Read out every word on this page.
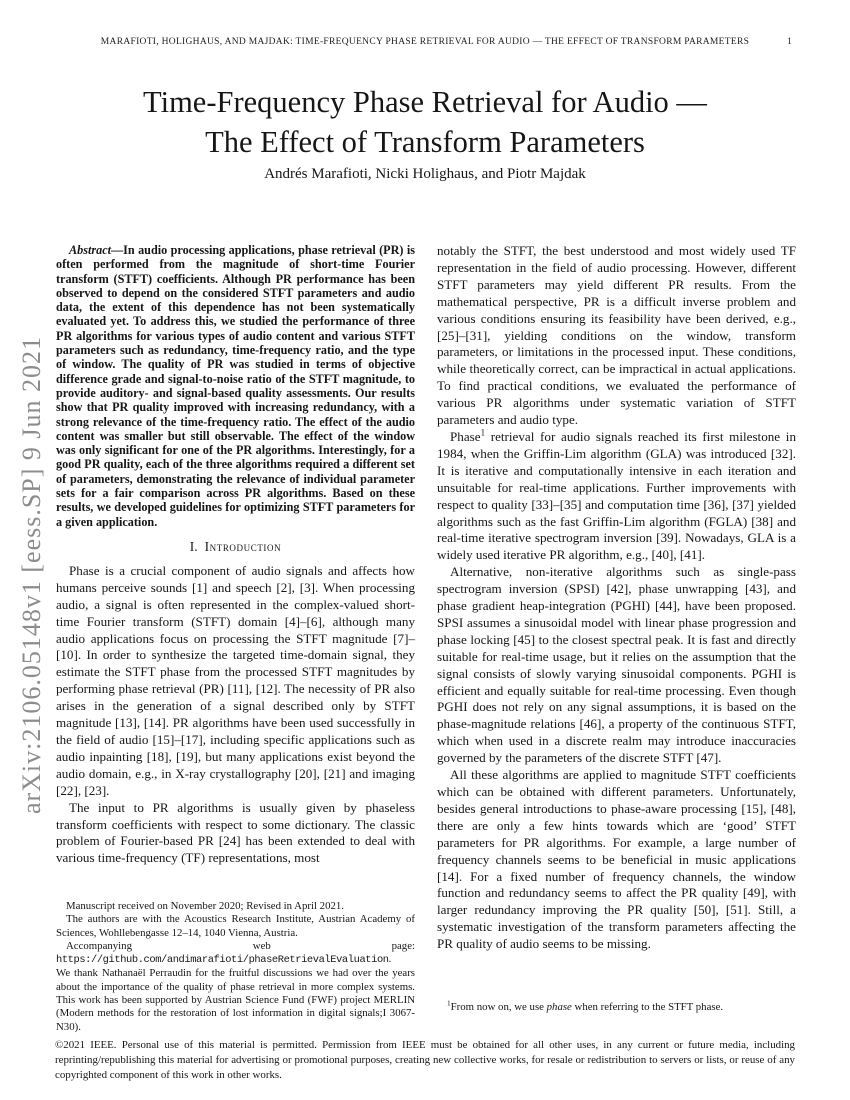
arXiv:2106.05148v1 [eess.SP] 9 Jun 2021
MARAFIOTI, HOLIGHAUS, AND MAJDAK: TIME-FREQUENCY PHASE RETRIEVAL FOR AUDIO — THE EFFECT OF TRANSFORM PARAMETERS	1
Time-Frequency Phase Retrieval for Audio —
The Effect of Transform Parameters
Andrés Marafioti, Nicki Holighaus, and Piotr Majdak

Abstract—In audio processing applications, phase retrieval (PR) is often performed from the magnitude of short-time Fourier transform (STFT) coefficients. Although PR performance has been observed to depend on the considered STFT parameters and audio data, the extent of this dependence has not been systematically evaluated yet. To address this, we studied the performance of three PR algorithms for various types of audio content and various STFT parameters such as redundancy, time-frequency ratio, and the type of window. The quality of PR was studied in terms of objective difference grade and signal-to-noise ratio of the STFT magnitude, to provide auditory- and signal-based quality assessments. Our results show that PR quality improved with increasing redundancy, with a strong relevance of the time-frequency ratio. The effect of the audio content was smaller but still observable. The effect of the window was only significant for one of the PR algorithms. Interestingly, for a good PR quality, each of the three algorithms required a different set of parameters, demonstrating the relevance of individual parameter sets for a fair comparison across PR algorithms. Based on these results, we developed guidelines for optimizing STFT parameters for a given application.

I. Introduction

Phase is a crucial component of audio signals and affects how humans perceive sounds [1] and speech [2], [3]. When processing audio, a signal is often represented in the complex-valued short-time Fourier transform (STFT) domain [4]–[6], although many audio applications focus on processing the STFT magnitude [7]–[10]. In order to synthesize the targeted time-domain signal, they estimate the STFT phase from the processed STFT magnitudes by performing phase retrieval (PR) [11], [12]. The necessity of PR also arises in the generation of a signal described only by STFT magnitude [13], [14]. PR algorithms have been used successfully in the field of audio [15]–[17], including specific applications such as audio inpainting [18], [19], but many applications exist beyond the audio domain, e.g., in X-ray crystallography [20], [21] and imaging [22], [23].

The input to PR algorithms is usually given by phaseless transform coefficients with respect to some dictionary. The classic problem of Fourier-based PR [24] has been extended to deal with various time-frequency (TF) representations, most

Manuscript received on November 2020; Revised in April 2021.

The authors are with the Acoustics Research Institute, Austrian Academy of Sciences, Wohllebengasse 12–14, 1040 Vienna, Austria.

Accompanying web page: https://github.com/andimarafioti/phaseRetrievalEvaluation.

We thank Nathanaël Perraudin for the fruitful discussions we had over the years about the importance of the quality of phase retrieval in more complex systems. This work has been supported by Austrian Science Fund (FWF) project MERLIN (Modern methods for the restoration of lost information in digital signals;I 3067-N30).

notably the STFT, the best understood and most widely used TF representation in the field of audio processing. However, different STFT parameters may yield different PR results. From the mathematical perspective, PR is a difficult inverse problem and various conditions ensuring its feasibility have been derived, e.g., [25]–[31], yielding conditions on the window, transform parameters, or limitations in the processed input. These conditions, while theoretically correct, can be impractical in actual applications. To find practical conditions, we evaluated the performance of various PR algorithms under systematic variation of STFT parameters and audio type.

Phase$^1$ retrieval for audio signals reached its first milestone in 1984, when the Griffin-Lim algorithm (GLA) was introduced [32]. It is iterative and computationally intensive in each iteration and unsuitable for real-time applications. Further improvements with respect to quality [33]–[35] and computation time [36], [37] yielded algorithms such as the fast Griffin-Lim algorithm (FGLA) [38] and real-time iterative spectrogram inversion [39]. Nowadays, GLA is a widely used iterative PR algorithm, e.g., [40], [41].

Alternative, non-iterative algorithms such as single-pass spectrogram inversion (SPSI) [42], phase unwrapping [43], and phase gradient heap-integration (PGHI) [44], have been proposed. SPSI assumes a sinusoidal model with linear phase progression and phase locking [45] to the closest spectral peak. It is fast and directly suitable for real-time usage, but it relies on the assumption that the signal consists of slowly varying sinusoidal components. PGHI is efficient and equally suitable for real-time processing. Even though PGHI does not rely on any signal assumptions, it is based on the phase-magnitude relations [46], a property of the continuous STFT, which when used in a discrete realm may introduce inaccuracies governed by the parameters of the discrete STFT [47].

All these algorithms are applied to magnitude STFT coefficients which can be obtained with different parameters. Unfortunately, besides general introductions to phase-aware processing [15], [48], there are only a few hints towards which are ‘good’ STFT parameters for PR algorithms. For example, a large number of frequency channels seems to be beneficial in music applications [14]. For a fixed number of frequency channels, the window function and redundancy seems to affect the PR quality [49], with larger redundancy improving the PR quality [50], [51]. Still, a systematic investigation of the transform parameters affecting the PR quality of audio seems to be missing.

$^1$From now on, we use phase when referring to the STFT phase.
©2021 IEEE. Personal use of this material is permitted. Permission from IEEE must be obtained for all other uses, in any current or future media, including reprinting/republishing this material for advertising or promotional purposes, creating new collective works, for resale or redistribution to servers or lists, or reuse of any copyrighted component of this work in other works.
